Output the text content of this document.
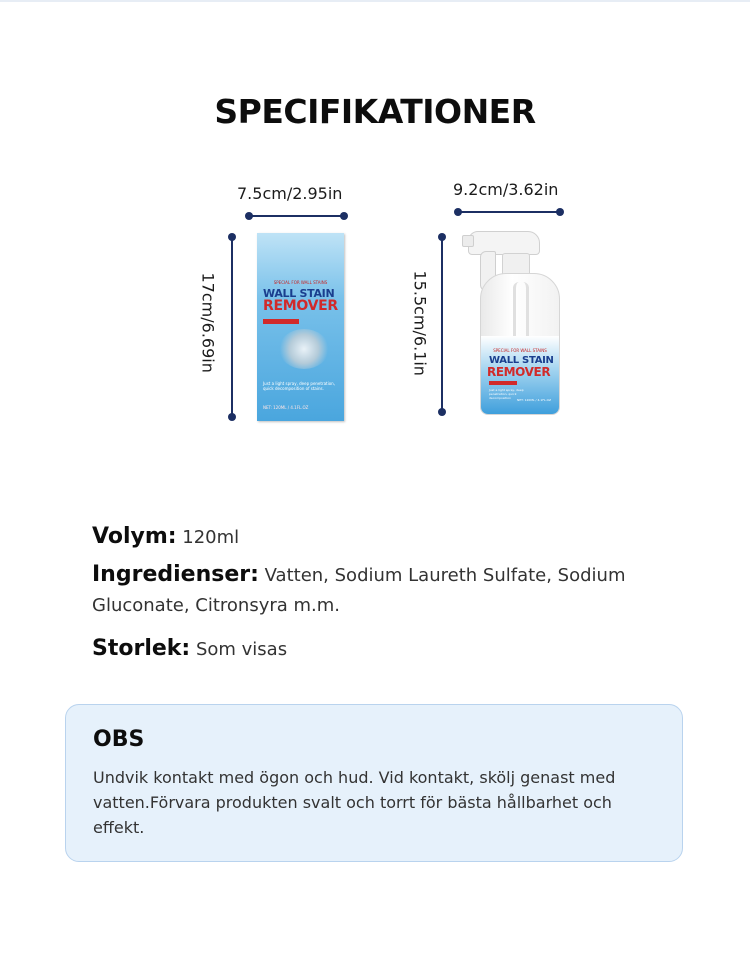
SPECIFIKATIONER
7.5cm/2.95in
17cm/6.69in	SPECIAL FOR WALL STAINS
WALL STAIN
REMOVER
Just a light spray, deep penetration, quick decomposition of stains.
NET: 120ML / 4.1FL.OZ
9.2cm/3.62in
15.5cm/6.1in	SPECIAL FOR WALL STAINS
WALL STAIN
REMOVER
Just a light spray, deep penetration, quick decomposition	NET: 120ML / 4.1FL.OZ
Volym: 120ml
Ingredienser: Vatten, Sodium Laureth Sulfate, Sodium Gluconate, Citronsyra m.m.
Storlek: Som visas
OBS
Undvik kontakt med ögon och hud. Vid kontakt, skölj genast med vatten.Förvara produkten svalt och torrt för bästa hållbarhet och effekt.
